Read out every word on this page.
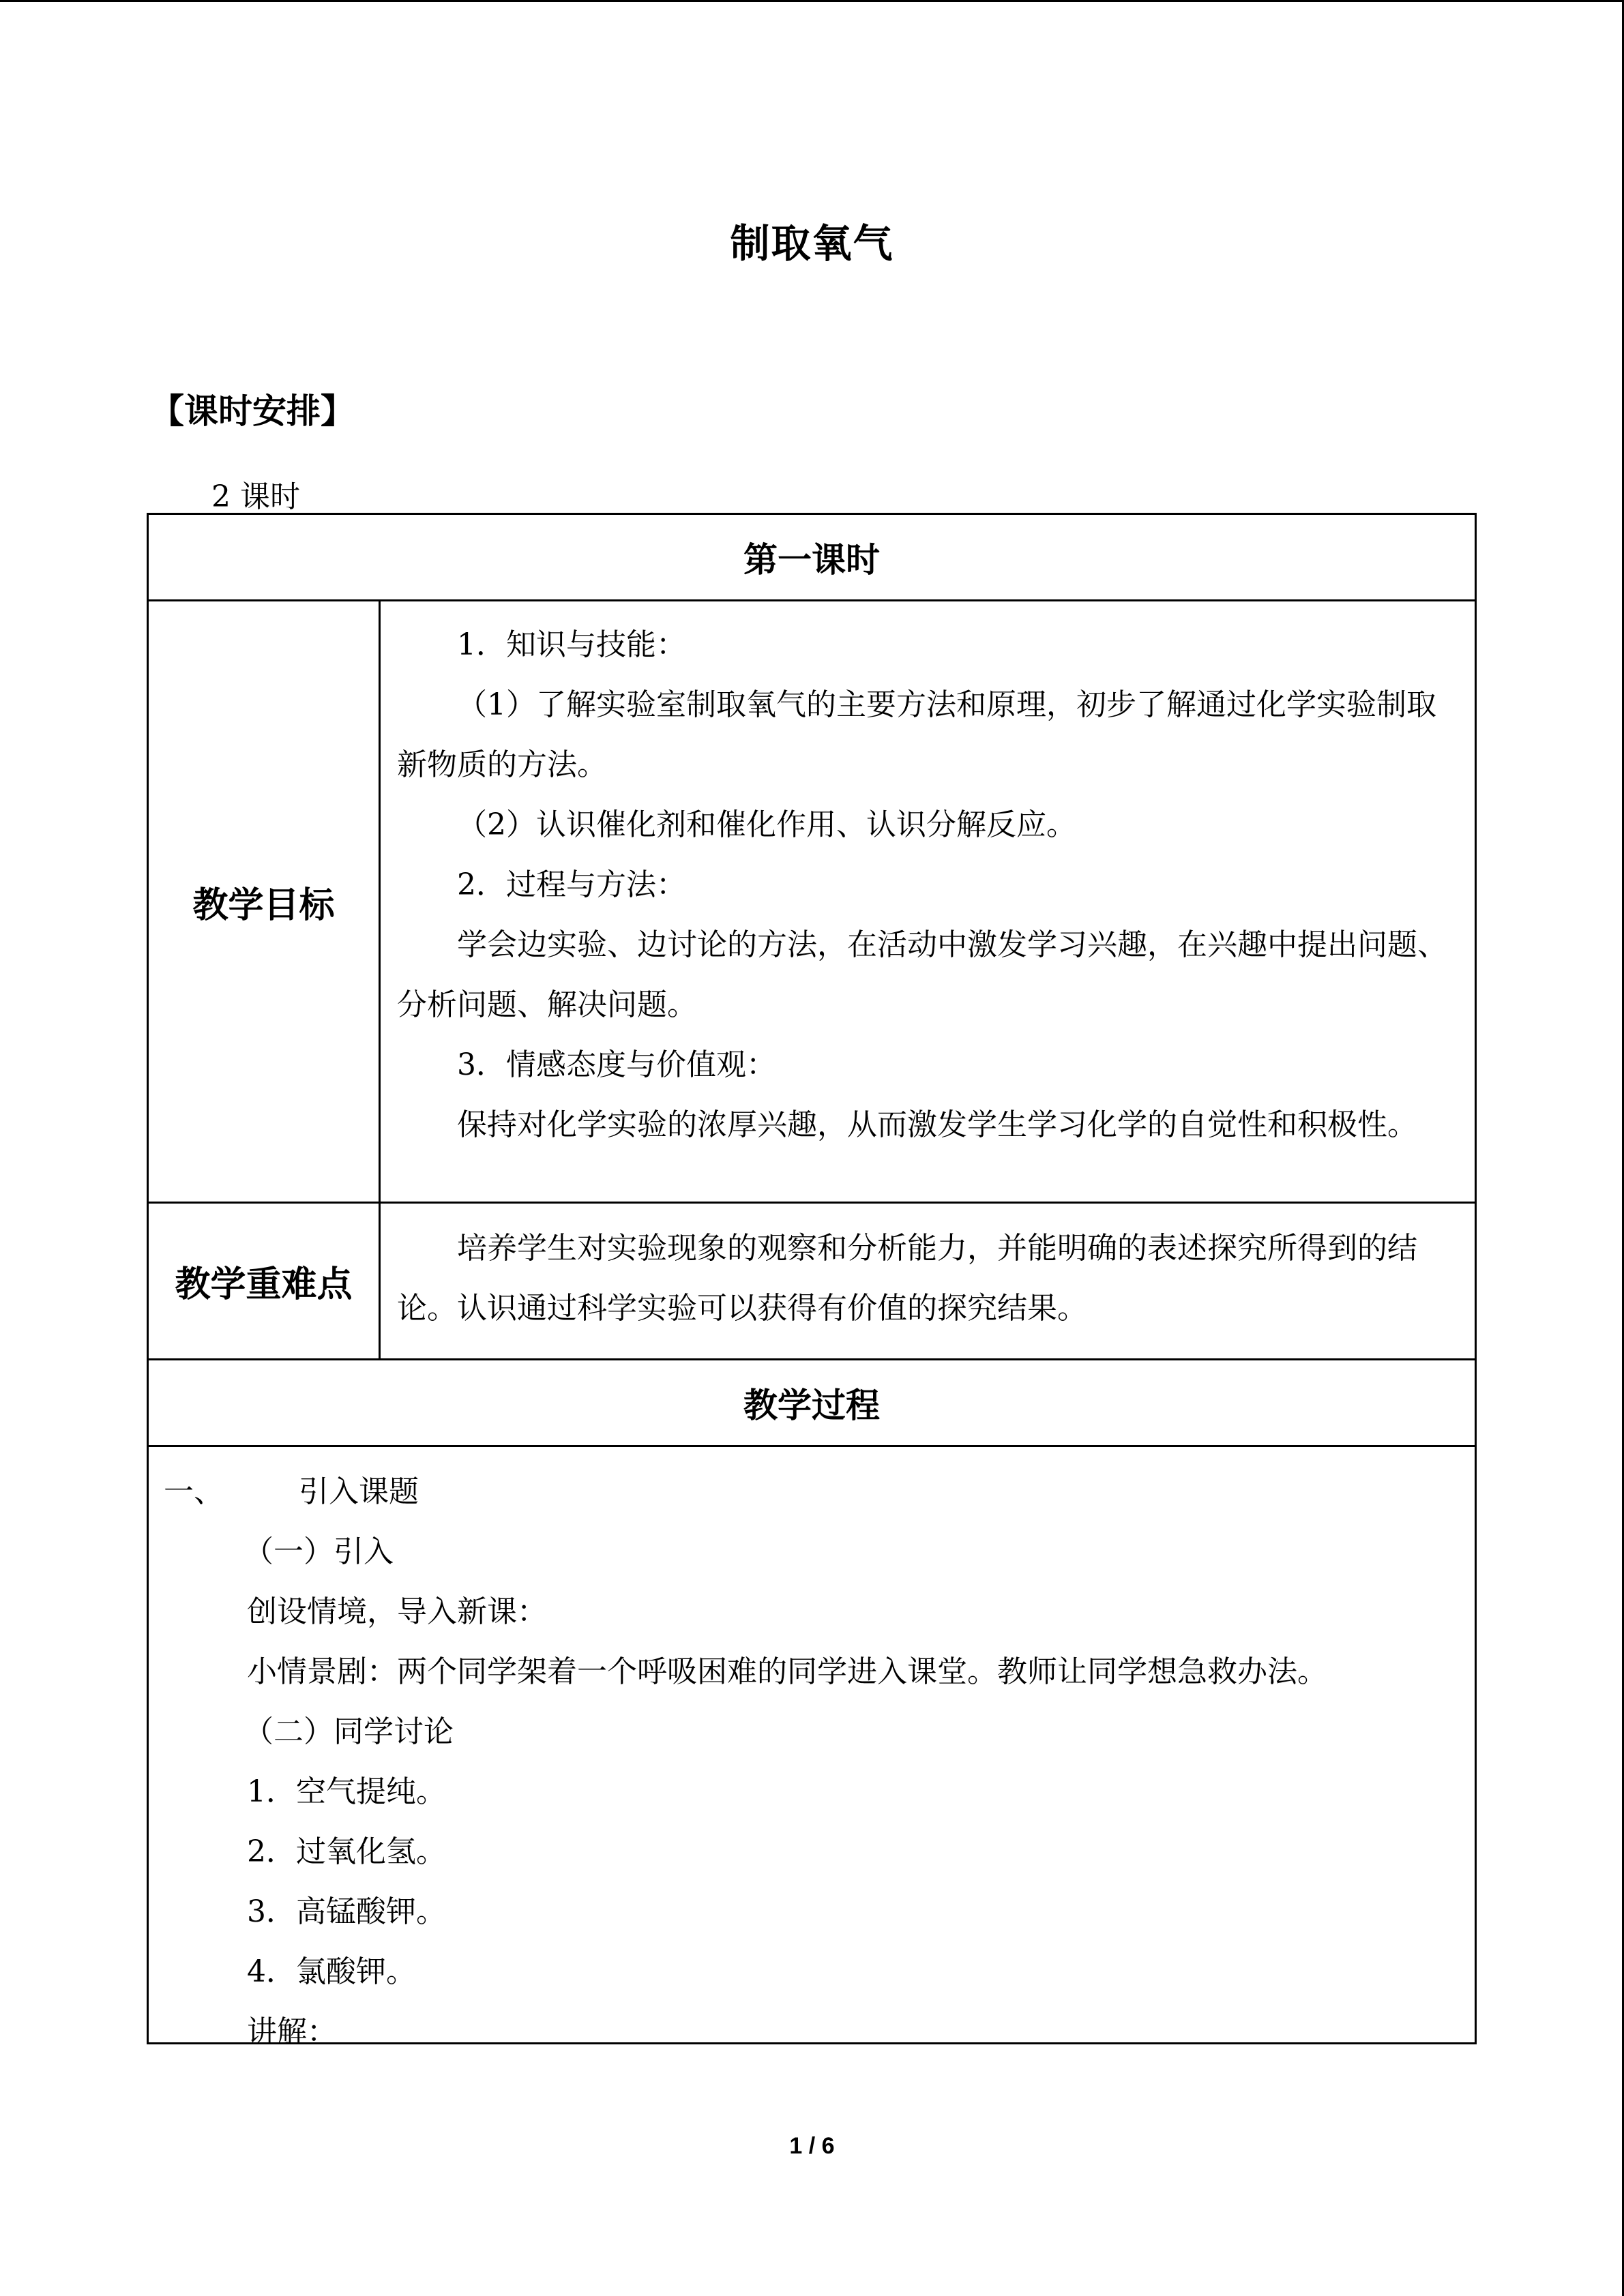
制取氧气
【课时安排】
2 课时
第一课时
教学目标

1．知识与技能：

（1）了解实验室制取氧气的主要方法和原理，初步了解通过化学实验制取新物质的方法。

（2）认识催化剂和催化作用、认识分解反应。

2．过程与方法：

学会边实验、边讨论的方法，在活动中激发学习兴趣，在兴趣中提出问题、分析问题、解决问题。

3．情感态度与价值观：

保持对化学实验的浓厚兴趣，从而激发学生学习化学的自觉性和积极性。

教学重难点

培养学生对实验现象的观察和分析能力，并能明确的表述探究所得到的结论。认识通过科学实验可以获得有价值的探究结果。

教学过程

一、	引入课题

（一）引入

创设情境，导入新课：

小情景剧：两个同学架着一个呼吸困难的同学进入课堂。教师让同学想急救办法。

（二）同学讨论

1．空气提纯。

2．过氧化氢。

3．高锰酸钾。

4．氯酸钾。

讲解：

1 / 6
